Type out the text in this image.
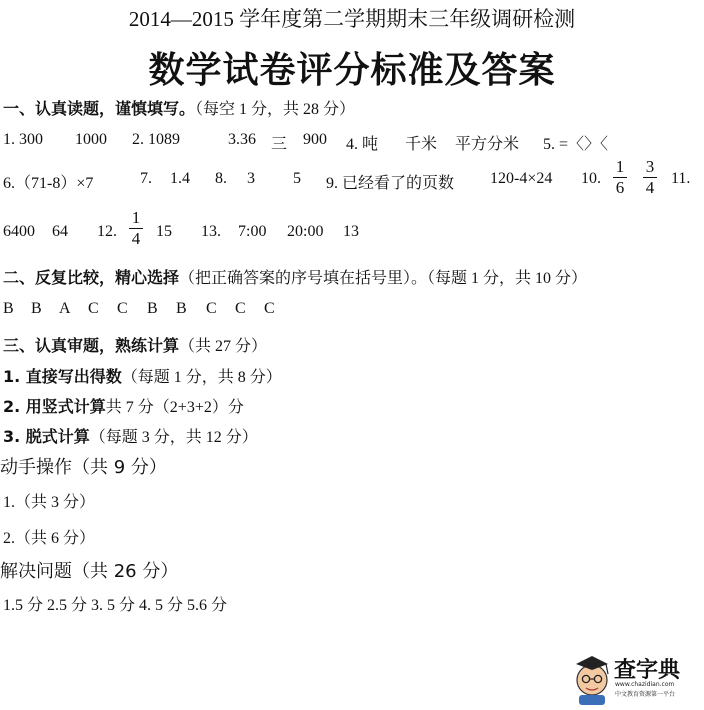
2014—2015 学年度第二学期期末三年级调研检测
数学试卷评分标准及答案
一、认真读题，谨慎填写。（每空 1 分，共 28 分）
1. 300 1000 2. 1089	3.36 三 900 4. 吨 千米 平方分米 5. =〈〉〈
6.（71-8）×7	7. 1.4 8. 3 5 9. 已经看了的页数 120-4×24 10.	11.
1
6
3
4
6400 64 12. 15 13. 7:00 20:00 13
1
4
二、反复比较，精心选择（把正确答案的序号填在括号里）。（每题 1 分，共 10 分）
B B A C C B B C C C
三、认真审题，熟练计算（共 27 分）
1. 直接写出得数（每题 1 分，共 8 分）
2. 用竖式计算共 7 分（2+3+2）分
3. 脱式计算（每题 3 分，共 12 分）
动手操作（共 9 分）
1.（共 3 分）
2.（共 6 分）
解决问题（共 26 分）
1.5 分 2.5 分 3. 5 分 4. 5 分 5.6 分
查字典
www.chazidian.com
中文教育资源第一平台
